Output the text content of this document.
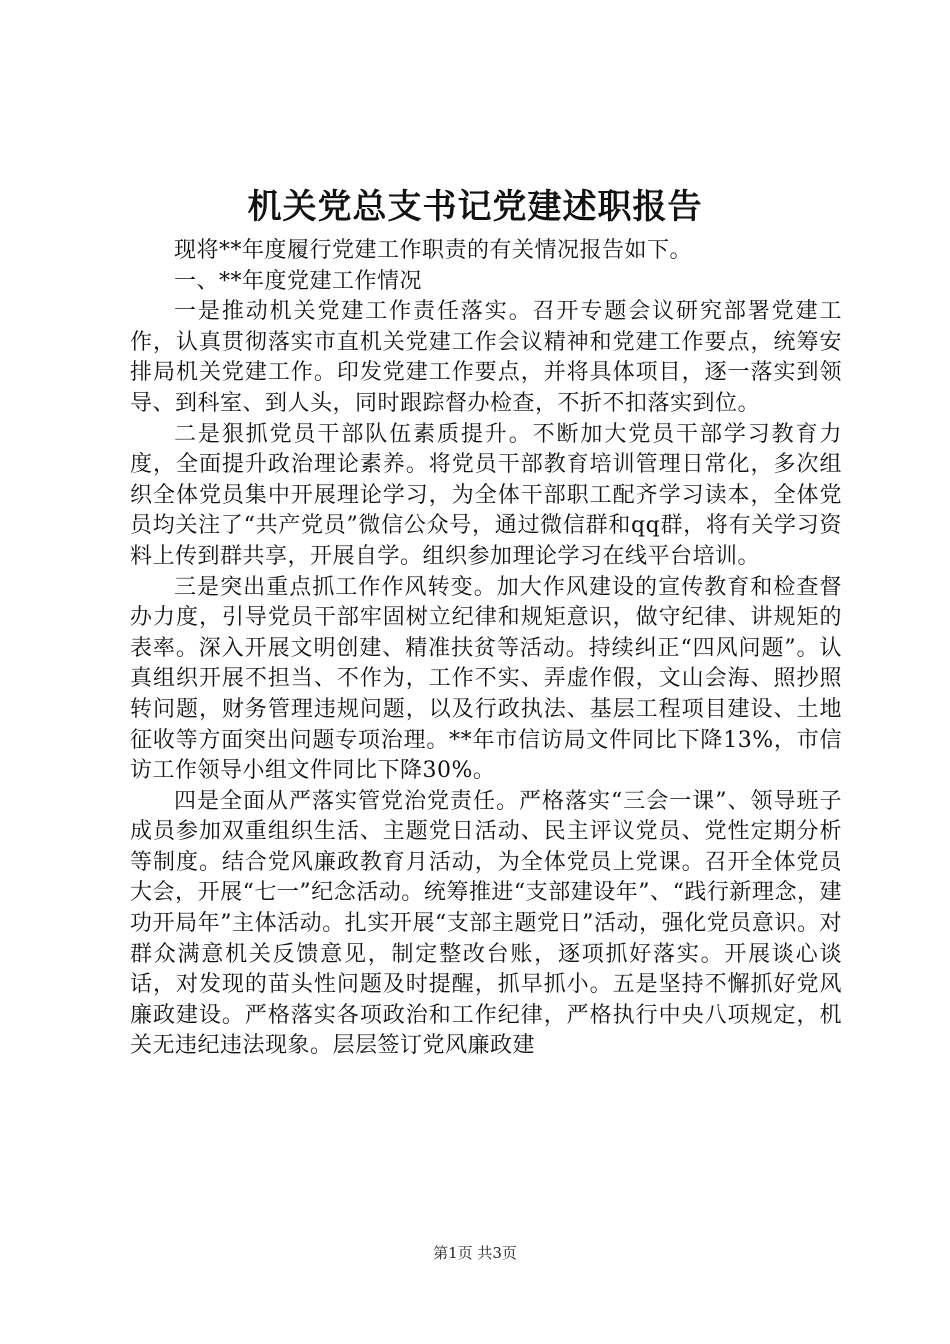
机关党总支书记党建述职报告

现将**年度履行党建工作职责的有关情况报告如下。

一、**年度党建工作情况

一是推动机关党建工作责任落实。召开专题会议研究部署党建工作，认真贯彻落实市直机关党建工作会议精神和党建工作要点，统筹安排局机关党建工作。印发党建工作要点，并将具体项目，逐一落实到领导、到科室、到人头，同时跟踪督办检查，不折不扣落实到位。

二是狠抓党员干部队伍素质提升。不断加大党员干部学习教育力度，全面提升政治理论素养。将党员干部教育培训管理日常化，多次组织全体党员集中开展理论学习，为全体干部职工配齐学习读本，全体党员均关注了“共产党员”微信公众号，通过微信群和qq群，将有关学习资料上传到群共享，开展自学。组织参加理论学习在线平台培训。

三是突出重点抓工作作风转变。加大作风建设的宣传教育和检查督办力度，引导党员干部牢固树立纪律和规矩意识，做守纪律、讲规矩的表率。深入开展文明创建、精准扶贫等活动。持续纠正“四风问题”。认真组织开展不担当、不作为，工作不实、弄虚作假，文山会海、照抄照转问题，财务管理违规问题，以及行政执法、基层工程项目建设、土地征收等方面突出问题专项治理。**年市信访局文件同比下降13%，市信访工作领导小组文件同比下降30%。

四是全面从严落实管党治党责任。严格落实“三会一课”、领导班子成员参加双重组织生活、主题党日活动、民主评议党员、党性定期分析等制度。结合党风廉政教育月活动，为全体党员上党课。召开全体党员大会，开展“七一”纪念活动。统筹推进“支部建设年”、“践行新理念，建功开局年”主体活动。扎实开展“支部主题党日”活动，强化党员意识。对群众满意机关反馈意见，制定整改台账，逐项抓好落实。开展谈心谈话，对发现的苗头性问题及时提醒，抓早抓小。五是坚持不懈抓好党风廉政建设。严格落实各项政治和工作纪律，严格执行中央八项规定，机关无违纪违法现象。层层签订党风廉政建

第1页 共3页
